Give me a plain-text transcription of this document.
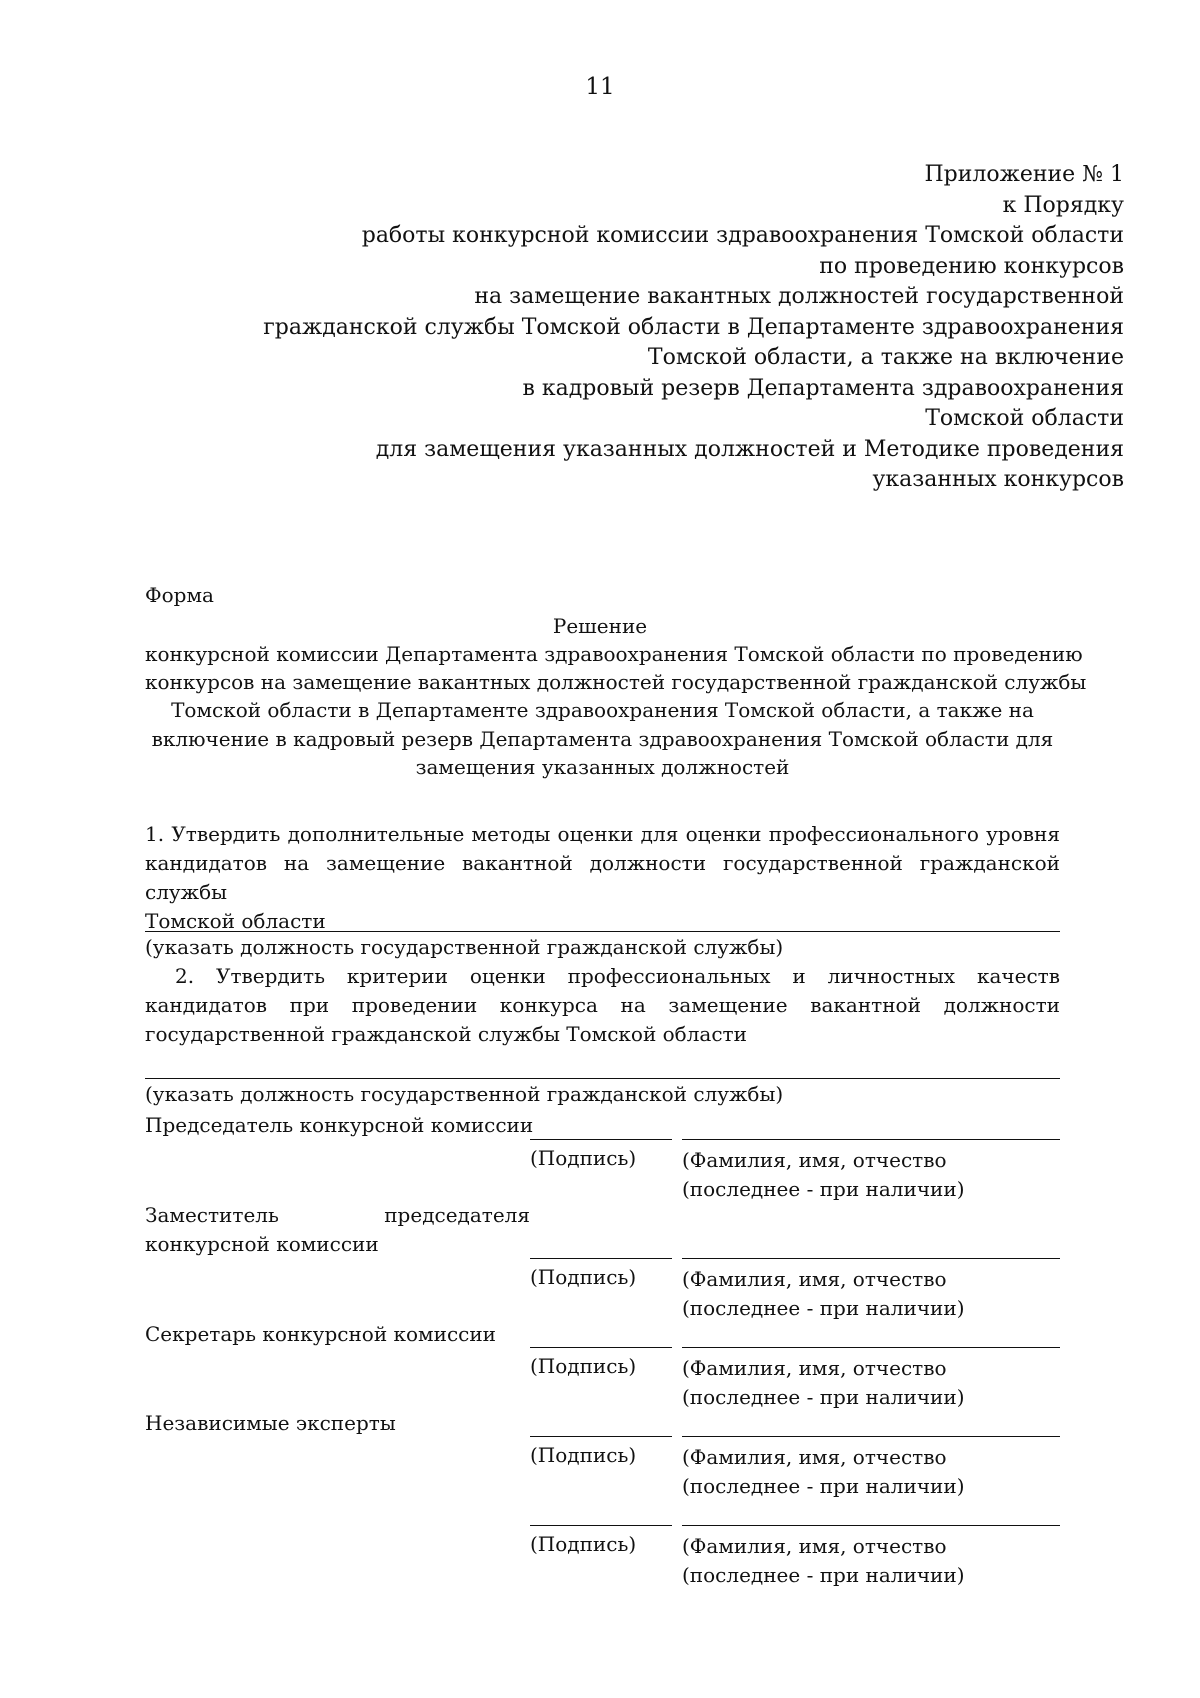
11
Приложение № 1
к Порядку
работы конкурсной комиссии здравоохранения Томской области
по проведению конкурсов
на замещение вакантных должностей государственной
гражданской службы Томской области в Департаменте здравоохранения
Томской области, а также на включение
в кадровый резерв Департамента здравоохранения
Томской области
для замещения указанных должностей и Методике проведения
указанных конкурсов
Форма
Решение
конкурсной комиссии Департамента здравоохранения Томской области по проведению
конкурсов на замещение вакантных должностей государственной гражданской службы
Томской области в Департаменте здравоохранения Томской области, а также на
включение в кадровый резерв Департамента здравоохранения Томской области для
замещения указанных должностей
1. Утвердить дополнительные методы оценки для оценки профессионального уровня
кандидатов на замещение вакантной должности государственной гражданской службы
Томской области
(указать должность государственной гражданской службы)
2. Утвердить критерии оценки профессиональных и личностных качеств
кандидатов при проведении конкурса на замещение вакантной должности
государственной гражданской службы Томской области
(указать должность государственной гражданской службы)
Председатель конкурсной комиссии
(Подпись) (Фамилия, имя, отчество
(последнее - при наличии)
Заместитель	председателя
конкурсной комиссии
(Подпись) (Фамилия, имя, отчество
(последнее - при наличии)
Секретарь конкурсной комиссии
(Подпись) (Фамилия, имя, отчество
(последнее - при наличии)
Независимые эксперты
(Подпись) (Фамилия, имя, отчество
(последнее - при наличии)
(Подпись) (Фамилия, имя, отчество
(последнее - при наличии)
